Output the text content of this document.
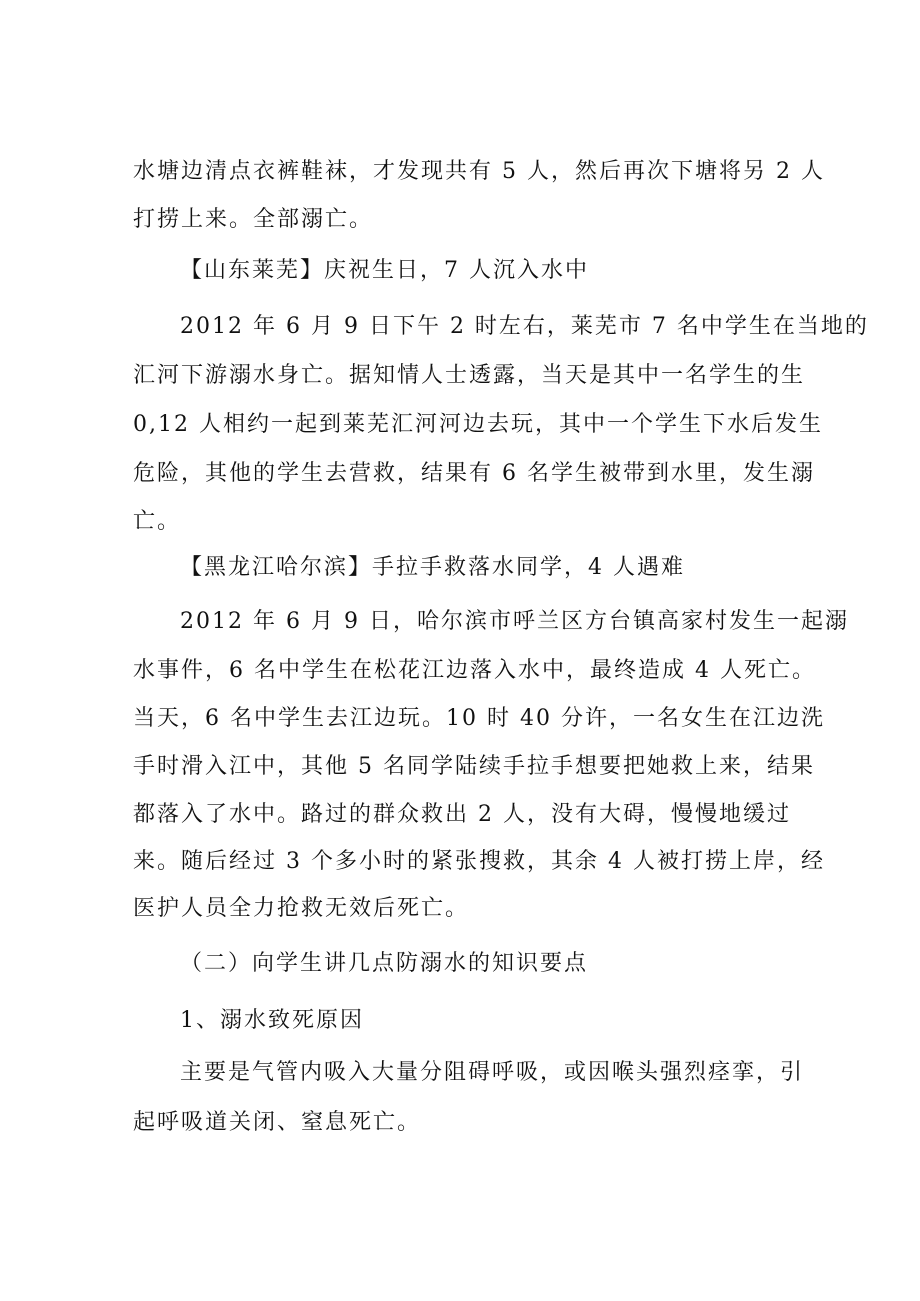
水塘边清点衣裤鞋袜，才发现共有 5 人，然后再次下塘将另 2 人
打捞上来。全部溺亡。
【山东莱芜】庆祝生日，7 人沉入水中
2012 年 6 月 9 日下午 2 时左右，莱芜市 7 名中学生在当地的
汇河下游溺水身亡。据知情人士透露，当天是其中一名学生的生
0,12 人相约一起到莱芜汇河河边去玩，其中一个学生下水后发生
危险，其他的学生去营救，结果有 6 名学生被带到水里，发生溺
亡。
【黑龙江哈尔滨】手拉手救落水同学，4 人遇难
2012 年 6 月 9 日，哈尔滨市呼兰区方台镇高家村发生一起溺
水事件，6 名中学生在松花江边落入水中，最终造成 4 人死亡。
当天，6 名中学生去江边玩。10 时 40 分许，一名女生在江边洗
手时滑入江中，其他 5 名同学陆续手拉手想要把她救上来，结果
都落入了水中。路过的群众救出 2 人，没有大碍，慢慢地缓过
来。随后经过 3 个多小时的紧张搜救，其余 4 人被打捞上岸，经
医护人员全力抢救无效后死亡。
（二）向学生讲几点防溺水的知识要点
1、溺水致死原因
主要是气管内吸入大量分阻碍呼吸，或因喉头强烈痉挛，引
起呼吸道关闭、窒息死亡。
